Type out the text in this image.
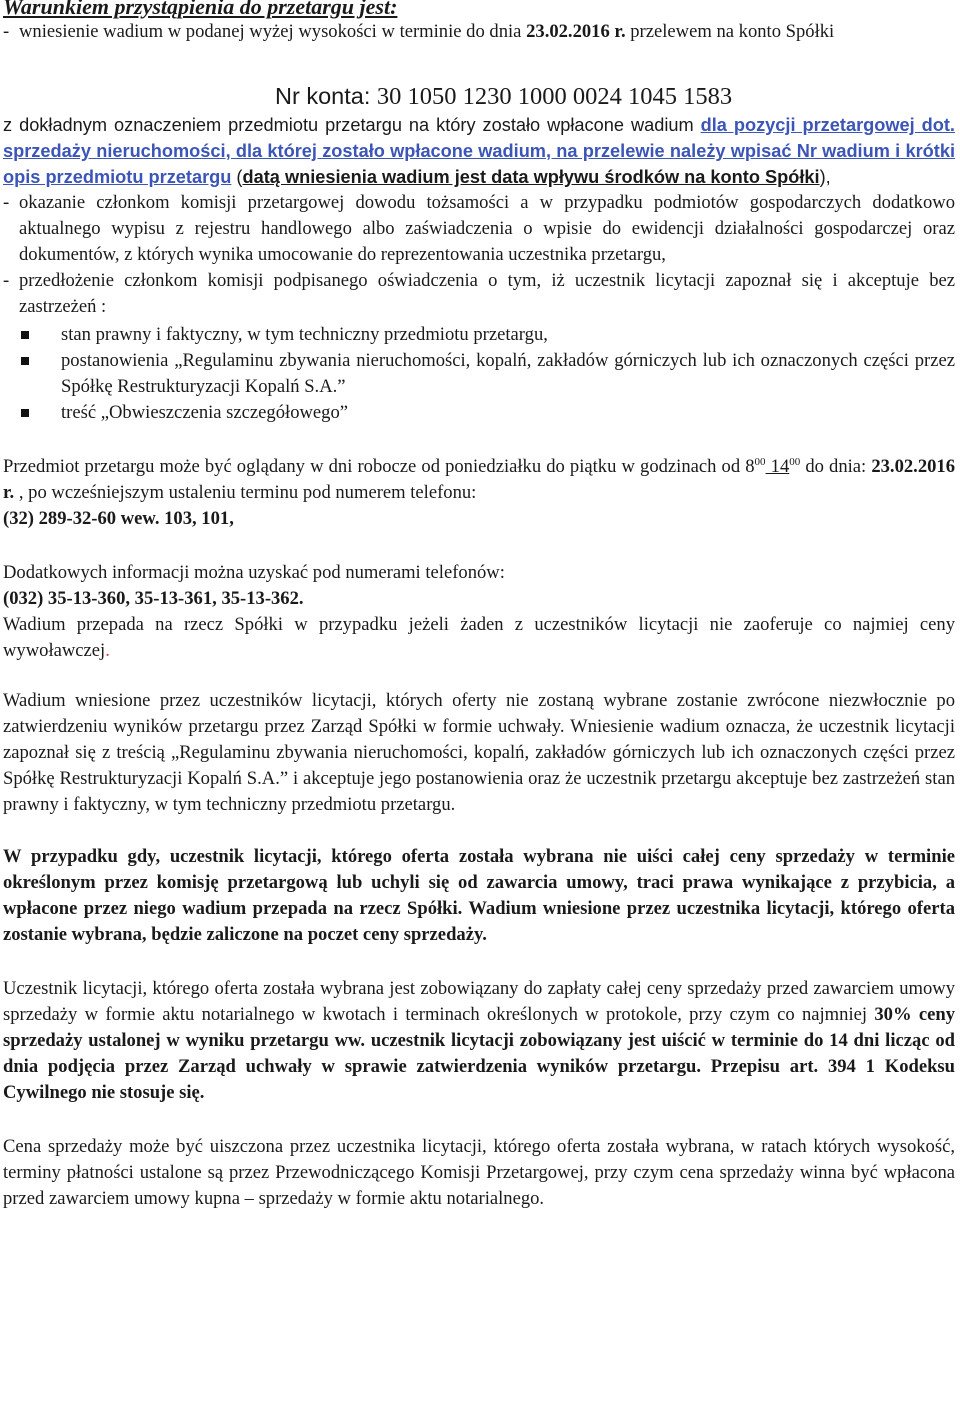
Warunkiem przystąpienia do przetargu jest:

- wniesienie wadium w podanej wyżej wysokości w terminie do dnia 23.02.2016 r. przelewem na konto Spółki

Nr konta: 30 1050 1230 1000 0024 1045 1583

z dokładnym oznaczeniem przedmiotu przetargu na który zostało wpłacone wadium dla pozycji przetargowej dot. sprzedaży nieruchomości, dla której zostało wpłacone wadium, na przelewie należy wpisać Nr wadium i krótki opis przedmiotu przetargu (datą wniesienia wadium jest data wpływu środków na konto Spółki),

- okazanie członkom komisji przetargowej dowodu tożsamości a w przypadku podmiotów gospodarczych dodatkowo aktualnego wypisu z rejestru handlowego albo zaświadczenia o wpisie do ewidencji działalności gospodarczej oraz dokumentów, z których wynika umocowanie do reprezentowania uczestnika przetargu,

- przedłożenie członkom komisji podpisanego oświadczenia o tym, iż uczestnik licytacji zapoznał się i akceptuje bez zastrzeżeń :

stan prawny i faktyczny, w tym techniczny przedmiotu przetargu,
postanowienia „Regulaminu zbywania nieruchomości, kopalń, zakładów górniczych lub ich oznaczonych części przez Spółkę Restrukturyzacji Kopalń S.A.”
treść „Obwieszczenia szczegółowego”

Przedmiot przetargu może być oglądany w dni robocze od poniedziałku do piątku w godzinach od $8^{00}$ $14^{00}$ do dnia: 23.02.2016 r. , po wcześniejszym ustaleniu terminu pod numerem telefonu:
(32) 289-32-60 wew. 103, 101,

Dodatkowych informacji można uzyskać pod numerami telefonów:
(032) 35-13-360, 35-13-361, 35-13-362.

Wadium przepada na rzecz Spółki w przypadku jeżeli żaden z uczestników licytacji nie zaoferuje co najmiej ceny wywoławczej.

Wadium wniesione przez uczestników licytacji, których oferty nie zostaną wybrane zostanie zwrócone niezwłocznie po zatwierdzeniu wyników przetargu przez Zarząd Spółki w formie uchwały. Wniesienie wadium oznacza, że uczestnik licytacji zapoznał się z treścią „Regulaminu zbywania nieruchomości, kopalń, zakładów górniczych lub ich oznaczonych części przez Spółkę Restrukturyzacji Kopalń S.A.” i akceptuje jego postanowienia oraz że uczestnik przetargu akceptuje bez zastrzeżeń stan prawny i faktyczny, w tym techniczny przedmiotu przetargu.

W przypadku gdy, uczestnik licytacji, którego oferta została wybrana nie uiści całej ceny sprzedaży w terminie określonym przez komisję przetargową lub uchyli się od zawarcia umowy, traci prawa wynikające z przybicia, a wpłacone przez niego wadium przepada na rzecz Spółki. Wadium wniesione przez uczestnika licytacji, którego oferta zostanie wybrana, będzie zaliczone na poczet ceny sprzedaży.

Uczestnik licytacji, którego oferta została wybrana jest zobowiązany do zapłaty całej ceny sprzedaży przed zawarciem umowy sprzedaży w formie aktu notarialnego w kwotach i terminach określonych w protokole, przy czym co najmniej 30% ceny sprzedaży ustalonej w wyniku przetargu ww. uczestnik licytacji zobowiązany jest uiścić w terminie do 14 dni licząc od dnia podjęcia przez Zarząd uchwały w sprawie zatwierdzenia wyników przetargu. Przepisu art. 394 1 Kodeksu Cywilnego nie stosuje się.

Cena sprzedaży może być uiszczona przez uczestnika licytacji, którego oferta została wybrana, w ratach których wysokość, terminy płatności ustalone są przez Przewodniczącego Komisji Przetargowej, przy czym cena sprzedaży winna być wpłacona przed zawarciem umowy kupna – sprzedaży w formie aktu notarialnego.
